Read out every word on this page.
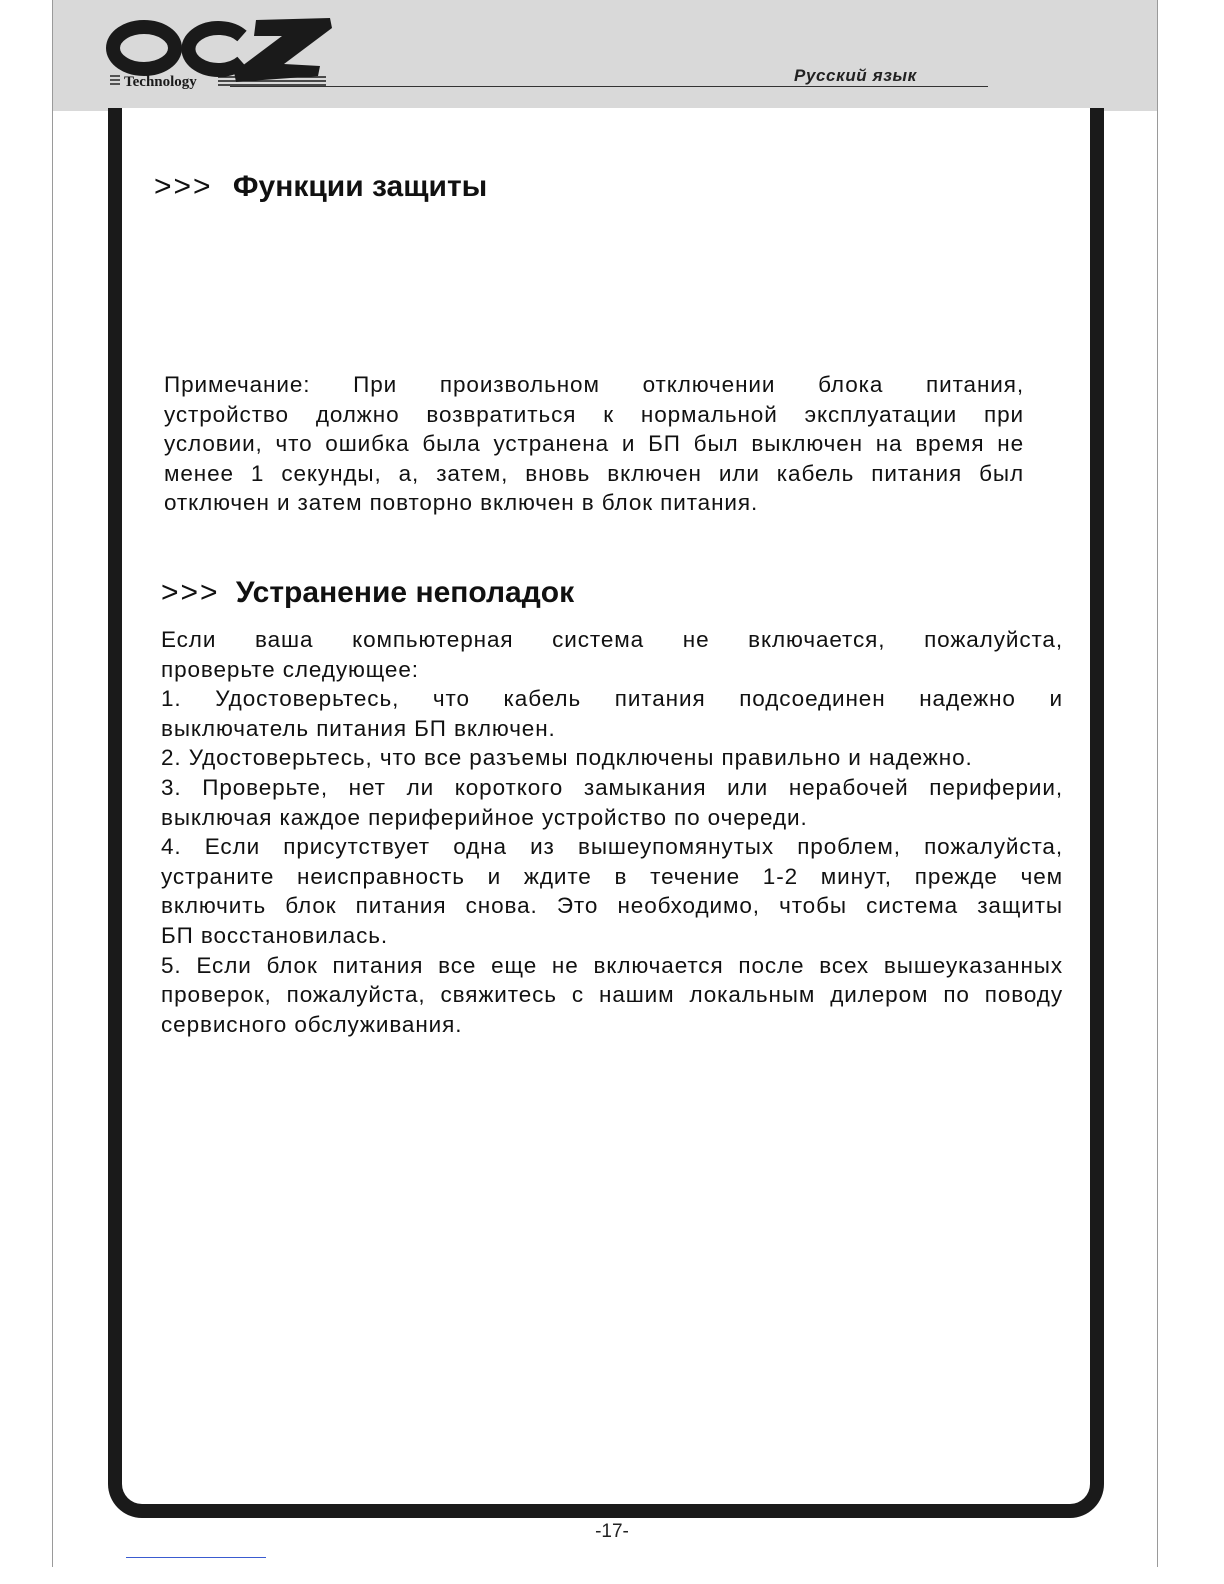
Technology	Русский язык
>>> Функции защиты
Примечание: При произвольном отключении блока питания,
устройство должно возвратиться к нормальной эксплуатации при
условии, что ошибка была устранена и БП был выключен на время не
менее 1 секунды, а, затем, вновь включен или кабель питания был
отключен и затем повторно включен в блок питания.
>>> Устранение неполадок
Если ваша компьютерная система не включается, пожалуйста,
проверьте следующее:
1. Удостоверьтесь, что кабель питания подсоединен надежно и
выключатель питания БП включен.
2. Удостоверьтесь, что все разъемы подключены правильно и надежно.
3. Проверьте, нет ли короткого замыкания или нерабочей периферии,
выключая каждое периферийное устройство по очереди.
4. Если присутствует одна из вышеупомянутых проблем, пожалуйста,
устраните неисправность и ждите в течение 1-2 минут, прежде чем
включить блок питания снова. Это необходимо, чтобы система защиты
БП восстановилась.
5. Если блок питания все еще не включается после всех вышеуказанных
проверок, пожалуйста, свяжитесь с нашим локальным дилером по поводу
сервисного обслуживания.
-17-
